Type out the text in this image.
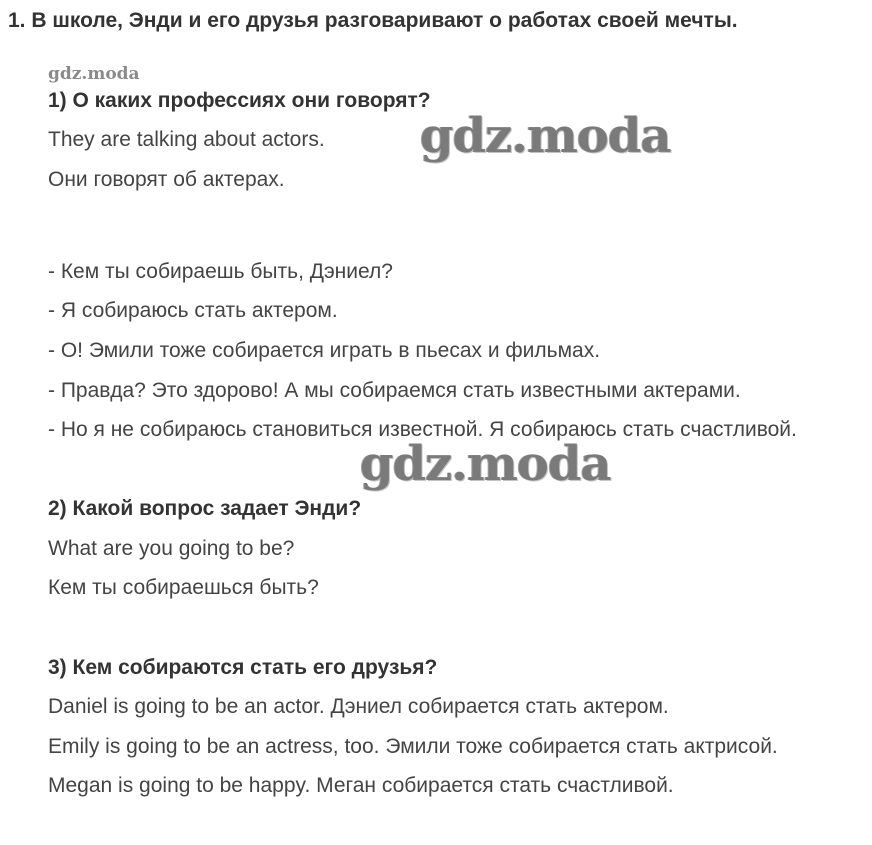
1. В школе, Энди и его друзья разговаривают о работах своей мечты.
gdz.moda
1) О каких профессиях они говорят?
They are talking about actors.
Они говорят об актерах.
gdz.moda
- Кем ты собираешь быть, Дэниел?
- Я собираюсь стать актером.
- О! Эмили тоже собирается играть в пьесах и фильмах.
- Правда? Это здорово! А мы собираемся стать известными актерами.
- Но я не собираюсь становиться известной. Я собираюсь стать счастливой.
gdz.moda
2) Какой вопрос задает Энди?
What are you going to be?
Кем ты собираешься быть?
3) Кем собираются стать его друзья?
Daniel is going to be an actor. Дэниел собирается стать актером.
Emily is going to be an actress, too. Эмили тоже собирается стать актрисой.
Megan is going to be happy. Меган собирается стать счастливой.
